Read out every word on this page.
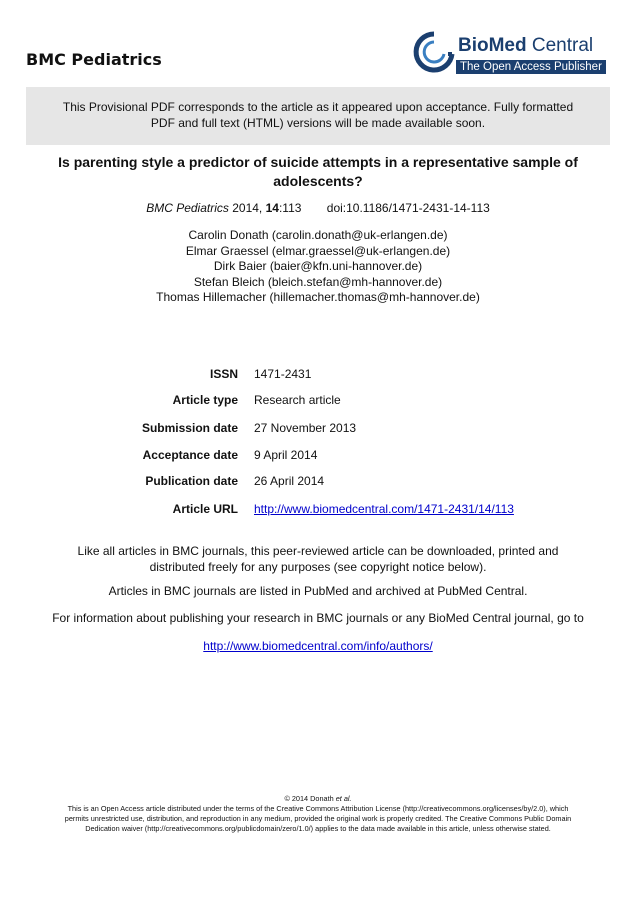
BMC Pediatrics
BioMed Central
The Open Access Publisher
This Provisional PDF corresponds to the article as it appeared upon acceptance. Fully formatted
PDF and full text (HTML) versions will be made available soon.
Is parenting style a predictor of suicide attempts in a representative sample of
adolescents?
BMC Pediatrics 2014, 14:113 doi:10.1186/1471-2431-14-113
Carolin Donath (carolin.donath@uk-erlangen.de)
Elmar Graessel (elmar.graessel@uk-erlangen.de)
Dirk Baier (baier@kfn.uni-hannover.de)
Stefan Bleich (bleich.stefan@mh-hannover.de)
Thomas Hillemacher (hillemacher.thomas@mh-hannover.de)
ISSN 1471-2431
Article type Research article
Submission date 27 November 2013
Acceptance date 9 April 2014
Publication date 26 April 2014
Article URL http://www.biomedcentral.com/1471-2431/14/113
Like all articles in BMC journals, this peer-reviewed article can be downloaded, printed and
distributed freely for any purposes (see copyright notice below).
Articles in BMC journals are listed in PubMed and archived at PubMed Central.
For information about publishing your research in BMC journals or any BioMed Central journal, go to
http://www.biomedcentral.com/info/authors/
© 2014 Donath et al.
This is an Open Access article distributed under the terms of the Creative Commons Attribution License (http://creativecommons.org/licenses/by/2.0), which
permits unrestricted use, distribution, and reproduction in any medium, provided the original work is properly credited. The Creative Commons Public Domain
Dedication waiver (http://creativecommons.org/publicdomain/zero/1.0/) applies to the data made available in this article, unless otherwise stated.
